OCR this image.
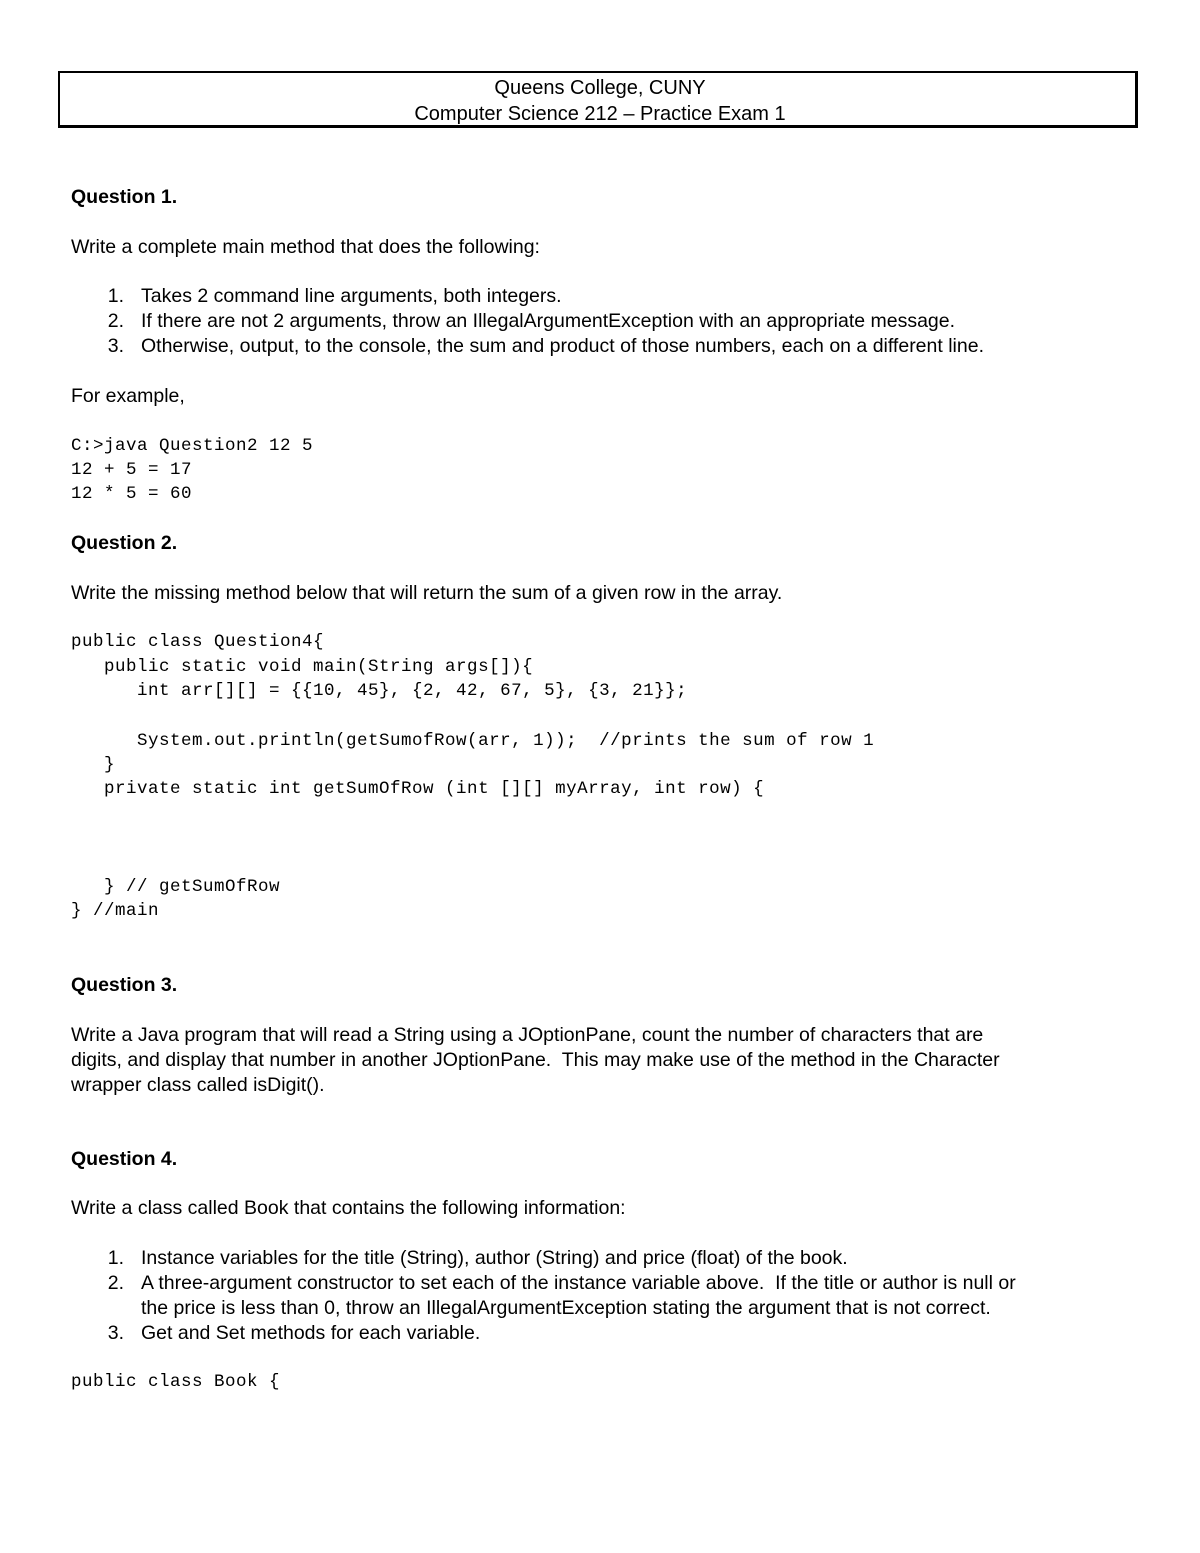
Queens College, CUNY
Computer Science 212 – Practice Exam 1
Question 1.
Write a complete main method that does the following:
1. Takes 2 command line arguments, both integers.
2. If there are not 2 arguments, throw an IllegalArgumentException with an appropriate message.
3. Otherwise, output, to the console, the sum and product of those numbers, each on a different line.
For example,
C:>java Question2 12 5
12 + 5 = 17
12 * 5 = 60
Question 2.
Write the missing method below that will return the sum of a given row in the array.
public class Question4{
public static void main(String args[]){
int arr[][] = {{10, 45}, {2, 42, 67, 5}, {3, 21}};
System.out.println(getSumofRow(arr, 1));  //prints the sum of row 1
}
private static int getSumOfRow (int [][] myArray, int row) {
} // getSumOfRow
} //main
Question 3.
Write a Java program that will read a String using a JOptionPane, count the number of characters that are
digits, and display that number in another JOptionPane.  This may make use of the method in the Character
wrapper class called isDigit().
Question 4.
Write a class called Book that contains the following information:
1. Instance variables for the title (String), author (String) and price (float) of the book.
2. A three-argument constructor to set each of the instance variable above.  If the title or author is null or
the price is less than 0, throw an IllegalArgumentException stating the argument that is not correct.
3. Get and Set methods for each variable.
public class Book {
